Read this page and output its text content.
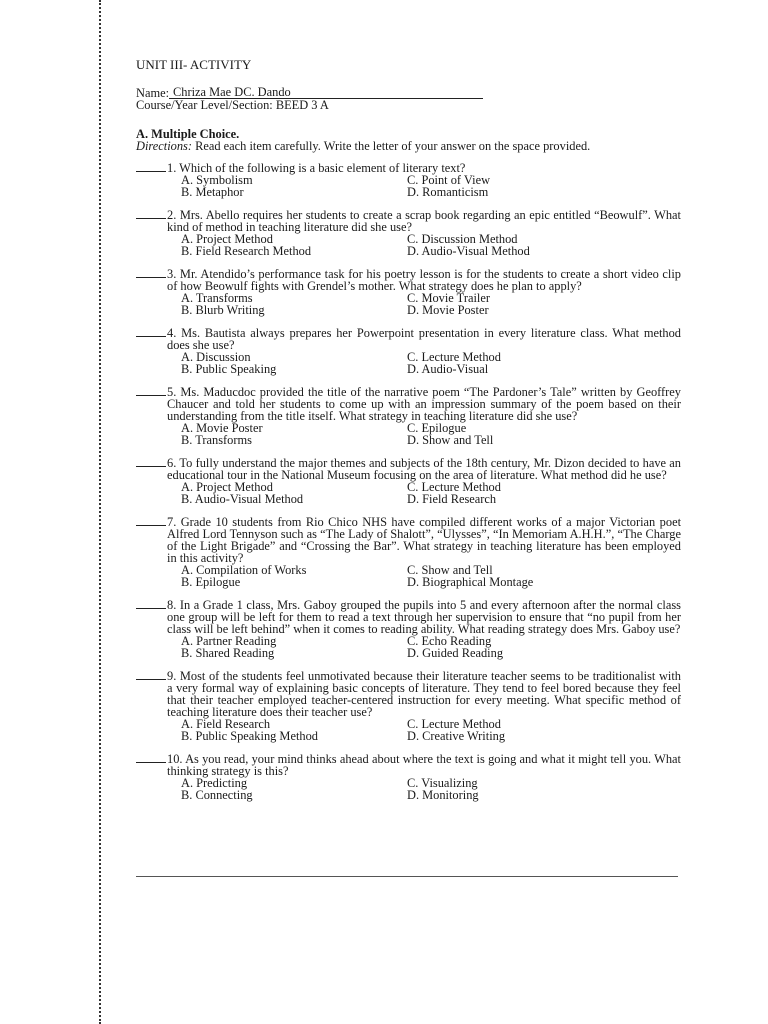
UNIT III- ACTIVITY
Name: Chriza Mae DC. Dando
Course/Year Level/Section:
BEED 3 A
A. Multiple Choice.
Directions: Read each item carefully. Write the letter of your answer on the space provided.
1. Which of the following is a basic element of literary text?
A. Symbolism	C. Point of View
B. Metaphor	D. Romanticism
2. Mrs. Abello requires her students to create a scrap book regarding an epic entitled “Beowulf”. What kind of method in teaching literature did she use?
A. Project Method	C. Discussion Method
B. Field Research Method	D. Audio-Visual Method
3. Mr. Atendido’s performance task for his poetry lesson is for the students to create a short video clip of how Beowulf fights with Grendel’s mother. What strategy does he plan to apply?
A. Transforms	C. Movie Trailer
B. Blurb Writing	D. Movie Poster
4. Ms. Bautista always prepares her Powerpoint presentation in every literature class. What method does she use?
A. Discussion	C. Lecture Method
B. Public Speaking	D. Audio-Visual
5. Ms. Maducdoc provided the title of the narrative poem “The Pardoner’s Tale” written by Geoffrey Chaucer and told her students to come up with an impression summary of the poem based on their understanding from the title itself. What strategy in teaching literature did she use?
A. Movie Poster	C. Epilogue
B. Transforms	D. Show and Tell
6. To fully understand the major themes and subjects of the 18th century, Mr. Dizon decided to have an educational tour in the National Museum focusing on the area of literature. What method did he use?
A. Project Method	C. Lecture Method
B. Audio-Visual Method	D. Field Research
7. Grade 10 students from Rio Chico NHS have compiled different works of a major Victorian poet Alfred Lord Tennyson such as “The Lady of Shalott”, “Ulysses”, “In Memoriam A.H.H.”, “The Charge of the Light Brigade” and “Crossing the Bar”. What strategy in teaching literature has been employed in this activity?
A. Compilation of Works	C. Show and Tell
B. Epilogue	D. Biographical Montage
8. In a Grade 1 class, Mrs. Gaboy grouped the pupils into 5 and every afternoon after the normal class one group will be left for them to read a text through her supervision to ensure that “no pupil from her class will be left behind” when it comes to reading ability. What reading strategy does Mrs. Gaboy use?
A. Partner Reading	C. Echo Reading
B. Shared Reading	D. Guided Reading
9. Most of the students feel unmotivated because their literature teacher seems to be traditionalist with a very formal way of explaining basic concepts of literature. They tend to feel bored because they feel that their teacher employed teacher-centered instruction for every meeting. What specific method of teaching literature does their teacher use?
A. Field Research	C. Lecture Method
B. Public Speaking Method	D. Creative Writing
10. As you read, your mind thinks ahead about where the text is going and what it might tell you. What thinking strategy is this?
A. Predicting	C. Visualizing
B. Connecting	D. Monitoring
